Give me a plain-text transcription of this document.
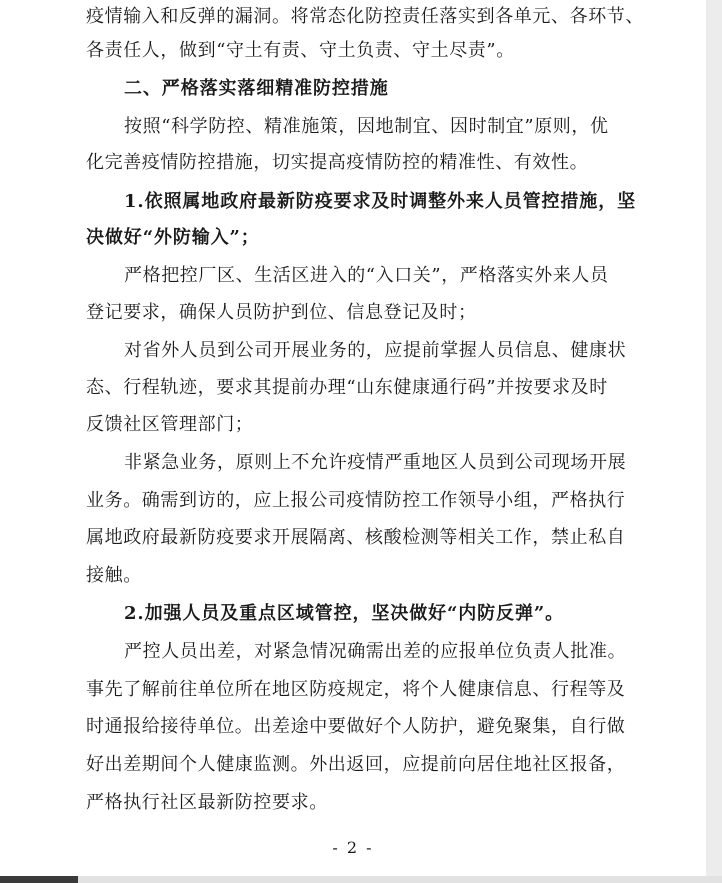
疫情输入和反弹的漏洞。将常态化防控责任落实到各单元、各环节、
各责任人，做到“守土有责、守土负责、守土尽责”。
二、严格落实落细精准防控措施
按照“科学防控、精准施策，因地制宜、因时制宜”原则，优
化完善疫情防控措施，切实提高疫情防控的精准性、有效性。
1.依照属地政府最新防疫要求及时调整外来人员管控措施，坚
决做好“外防输入”；
严格把控厂区、生活区进入的“入口关”，严格落实外来人员
登记要求，确保人员防护到位、信息登记及时；
对省外人员到公司开展业务的，应提前掌握人员信息、健康状
态、行程轨迹，要求其提前办理“山东健康通行码”并按要求及时
反馈社区管理部门；
非紧急业务，原则上不允许疫情严重地区人员到公司现场开展
业务。确需到访的，应上报公司疫情防控工作领导小组，严格执行
属地政府最新防疫要求开展隔离、核酸检测等相关工作，禁止私自
接触。
2.加强人员及重点区域管控，坚决做好“内防反弹”。
严控人员出差，对紧急情况确需出差的应报单位负责人批准。
事先了解前往单位所在地区防疫规定，将个人健康信息、行程等及
时通报给接待单位。出差途中要做好个人防护，避免聚集，自行做
好出差期间个人健康监测。外出返回，应提前向居住地社区报备，
严格执行社区最新防控要求。
- 2 -
